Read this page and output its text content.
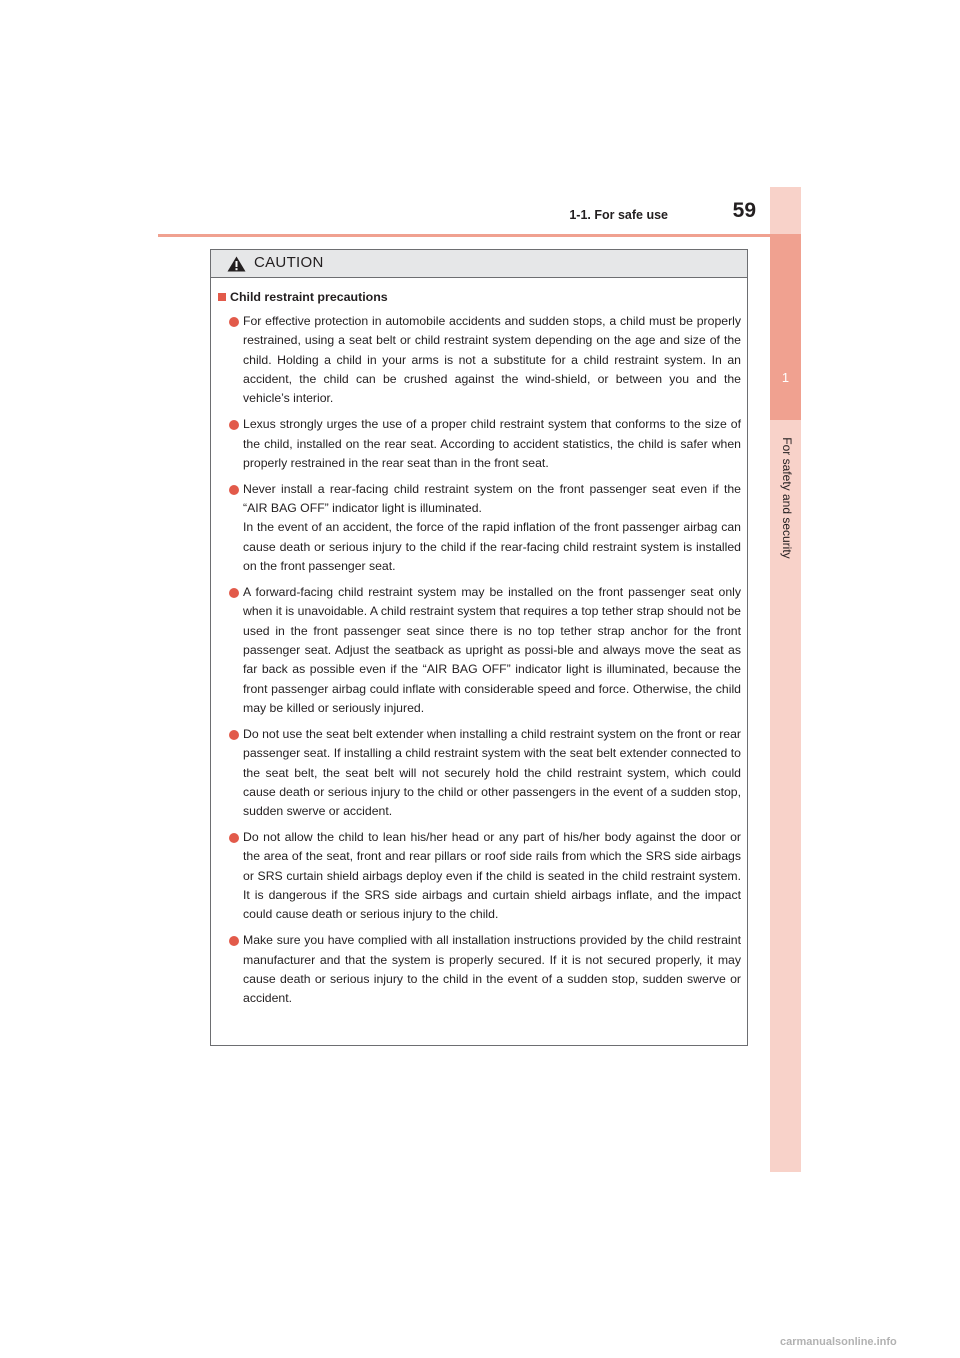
1
For safety and security
1-1. For safe use	59
CAUTION
Child restraint precautions
For effective protection in automobile accidents and sudden stops, a child must be properly restrained, using a seat belt or child restraint system depending on the age and size of the child. Holding a child in your arms is not a substitute for a child restraint system. In an accident, the child can be crushed against the wind-shield, or between you and the vehicle’s interior.
Lexus strongly urges the use of a proper child restraint system that conforms to the size of the child, installed on the rear seat. According to accident statistics, the child is safer when properly restrained in the rear seat than in the front seat.
Never install a rear-facing child restraint system on the front passenger seat even if the “AIR BAG OFF” indicator light is illuminated.
In the event of an accident, the force of the rapid inflation of the front passenger airbag can cause death or serious injury to the child if the rear-facing child restraint system is installed on the front passenger seat.
A forward-facing child restraint system may be installed on the front passenger seat only when it is unavoidable. A child restraint system that requires a top tether strap should not be used in the front passenger seat since there is no top tether strap anchor for the front passenger seat. Adjust the seatback as upright as possi-ble and always move the seat as far back as possible even if the “AIR BAG OFF” indicator light is illuminated, because the front passenger airbag could inflate with considerable speed and force. Otherwise, the child may be killed or seriously injured.
Do not use the seat belt extender when installing a child restraint system on the front or rear passenger seat. If installing a child restraint system with the seat belt extender connected to the seat belt, the seat belt will not securely hold the child restraint system, which could cause death or serious injury to the child or other passengers in the event of a sudden stop, sudden swerve or accident.
Do not allow the child to lean his/her head or any part of his/her body against the door or the area of the seat, front and rear pillars or roof side rails from which the SRS side airbags or SRS curtain shield airbags deploy even if the child is seated in the child restraint system. It is dangerous if the SRS side airbags and curtain shield airbags inflate, and the impact could cause death or serious injury to the child.
Make sure you have complied with all installation instructions provided by the child restraint manufacturer and that the system is properly secured. If it is not secured properly, it may cause death or serious injury to the child in the event of a sudden stop, sudden swerve or accident.
carmanualsonline.info
